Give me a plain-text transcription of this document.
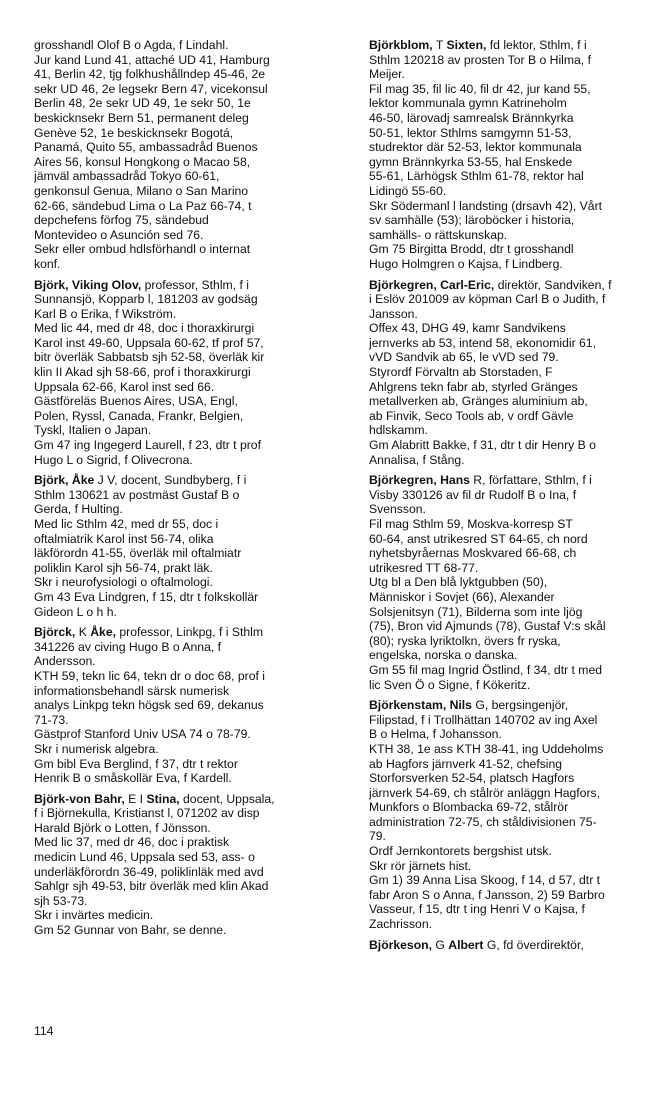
grosshandl Olof B o Agda, f Lindahl.
Jur kand Lund 41, attaché UD 41, Hamburg
41, Berlin 42, tjg folkhushållndep 45-46, 2e
sekr UD 46, 2e legsekr Bern 47, vicekonsul
Berlin 48, 2e sekr UD 49, 1e sekr 50, 1e
beskicknsekr Bern 51, permanent deleg
Genève 52, 1e beskicknsekr Bogotá,
Panamá, Quito 55, ambassadråd Buenos
Aires 56, konsul Hongkong o Macao 58,
jämväl ambassadråd Tokyo 60-61,
genkonsul Genua, Milano o San Marino
62-66, sändebud Lima o La Paz 66-74, t
depchefens förfog 75, sändebud
Montevideo o Asunción sed 76.
Sekr eller ombud hdlsförhandl o internat
konf.
Björk, Viking Olov, professor, Sthlm, f i
Sunnansjö, Kopparb l, 181203 av godsäg
Karl B o Erika, f Wikström.
Med lic 44, med dr 48, doc i thoraxkirurgi
Karol inst 49-60, Uppsala 60-62, tf prof 57,
bitr överläk Sabbatsb sjh 52-58, överläk kir
klin II Akad sjh 58-66, prof i thoraxkirurgi
Uppsala 62-66, Karol inst sed 66.
Gästföreläs Buenos Aires, USA, Engl,
Polen, Ryssl, Canada, Frankr, Belgien,
Tyskl, Italien o Japan.
Gm 47 ing Ingegerd Laurell, f 23, dtr t prof
Hugo L o Sigrid, f Olivecrona.
Björk, Åke J V, docent, Sundbyberg, f i
Sthlm 130621 av postmäst Gustaf B o
Gerda, f Hulting.
Med lic Sthlm 42, med dr 55, doc i
oftalmiatrik Karol inst 56-74, olika
läkförordn 41-55, överläk mil oftalmiatr
poliklin Karol sjh 56-74, prakt läk.
Skr i neurofysiologi o oftalmologi.
Gm 43 Eva Lindgren, f 15, dtr t folkskollär
Gideon L o h h.
Björck, K Åke, professor, Linkpg, f i Sthlm
341226 av civing Hugo B o Anna, f
Andersson.
KTH 59, tekn lic 64, tekn dr o doc 68, prof i
informationsbehandl särsk numerisk
analys Linkpg tekn högsk sed 69, dekanus
71-73.
Gästprof Stanford Univ USA 74 o 78-79.
Skr i numerisk algebra.
Gm bibl Eva Berglind, f 37, dtr t rektor
Henrik B o småskollär Eva, f Kardell.
Björk-von Bahr, E I Stina, docent, Uppsala,
f i Björnekulla, Kristianst l, 071202 av disp
Harald Björk o Lotten, f Jönsson.
Med lic 37, med dr 46, doc i praktisk
medicin Lund 46, Uppsala sed 53, ass- o
underläkförordn 36-49, poliklinläk med avd
Sahlgr sjh 49-53, bitr överläk med klin Akad
sjh 53-73.
Skr i invärtes medicin.
Gm 52 Gunnar von Bahr, se denne.
Björkblom, T Sixten, fd lektor, Sthlm, f i
Sthlm 120218 av prosten Tor B o Hilma, f
Meijer.
Fil mag 35, fil lic 40, fil dr 42, jur kand 55,
lektor kommunala gymn Katrineholm
46-50, lärovadj samrealsk Brännkyrka
50-51, lektor Sthlms samgymn 51-53,
studrektor där 52-53, lektor kommunala
gymn Brännkyrka 53-55, hal Enskede
55-61, Lärhögsk Sthlm 61-78, rektor hal
Lidingö 55-60.
Skr Södermanl l landsting (drsavh 42), Vårt
sv samhälle (53); läroböcker i historia,
samhälls- o rättskunskap.
Gm 75 Birgitta Brodd, dtr t grosshandl
Hugo Holmgren o Kajsa, f Lindberg.
Björkegren, Carl-Eric, direktör, Sandviken, f
i Eslöv 201009 av köpman Carl B o Judith, f
Jansson.
Offex 43, DHG 49, kamr Sandvikens
jernverks ab 53, intend 58, ekonomidir 61,
vVD Sandvik ab 65, le vVD sed 79.
Styrordf Förvaltn ab Storstaden, F
Ahlgrens tekn fabr ab, styrled Gränges
metallverken ab, Gränges aluminium ab,
ab Finvik, Seco Tools ab, v ordf Gävle
hdlskamm.
Gm Alabritt Bakke, f 31, dtr t dir Henry B o
Annalisa, f Stång.
Björkegren, Hans R, författare, Sthlm, f i
Visby 330126 av fil dr Rudolf B o Ina, f
Svensson.
Fil mag Sthlm 59, Moskva-korresp ST
60-64, anst utrikesred ST 64-65, ch nord
nyhetsbyråernas Moskvared 66-68, ch
utrikesred TT 68-77.
Utg bl a Den blå lyktgubben (50),
Människor i Sovjet (66), Alexander
Solsjenitsyn (71), Bilderna som inte ljög
(75), Bron vid Ajmunds (78), Gustaf V:s skål
(80); ryska lyriktolkn, övers fr ryska,
engelska, norska o danska.
Gm 55 fil mag Ingrid Östlind, f 34, dtr t med
lic Sven Ö o Signe, f Kökeritz.
Björkenstam, Nils G, bergsingenjör,
Filipstad, f i Trollhättan 140702 av ing Axel
B o Helma, f Johansson.
KTH 38, 1e ass KTH 38-41, ing Uddeholms
ab Hagfors järnverk 41-52, chefsing
Storforsverken 52-54, platsch Hagfors
järnverk 54-69, ch stålrör anläggn Hagfors,
Munkfors o Blombacka 69-72, stålrör
administration 72-75, ch ståldivisionen 75-
79.
Ordf Jernkontorets bergshist utsk.
Skr rör järnets hist.
Gm 1) 39 Anna Lisa Skoog, f 14, d 57, dtr t
fabr Aron S o Anna, f Jansson, 2) 59 Barbro
Vasseur, f 15, dtr t ing Henri V o Kajsa, f
Zachrisson.
Björkeson, G Albert G, fd överdirektör,
114
